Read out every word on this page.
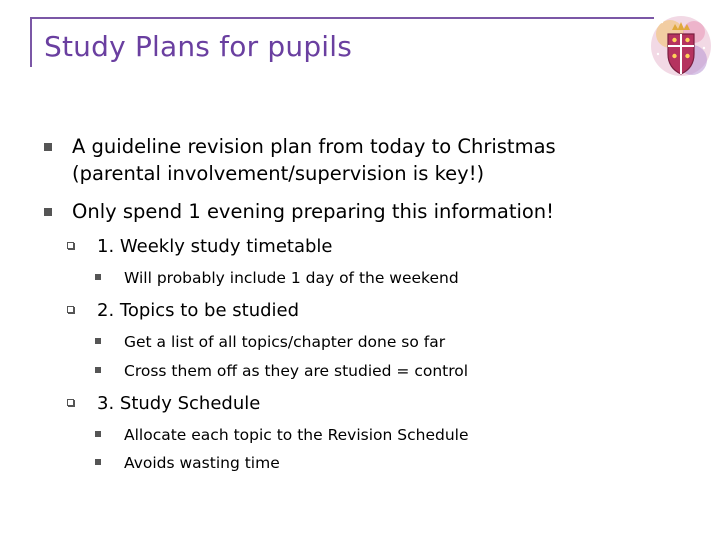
Study Plans for pupils
A guideline revision plan from today to Christmas
(parental involvement/supervision is key!)
Only spend 1 evening preparing this information!
1. Weekly study timetable
Will probably include 1 day of the weekend
2. Topics to be studied
Get a list of all topics/chapter done so far
Cross them off as they are studied = control
3. Study Schedule
Allocate each topic to the Revision Schedule
Avoids wasting time
